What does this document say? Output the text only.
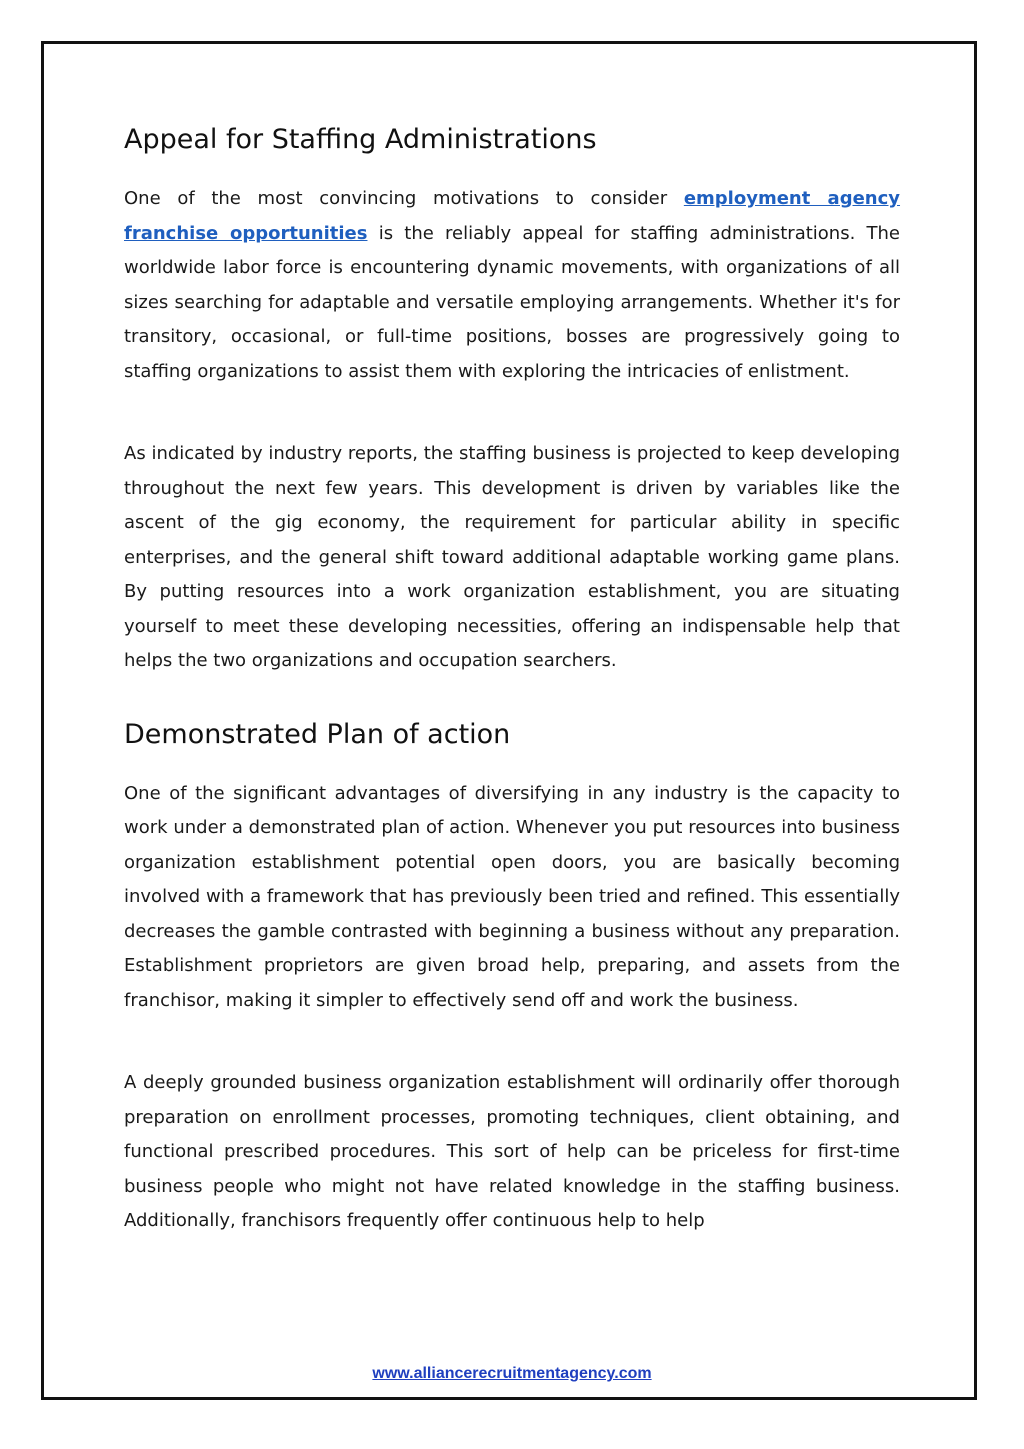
Appeal for Staffing Administrations

One of the most convincing motivations to consider employment agency franchise opportunities is the reliably appeal for staffing administrations. The worldwide labor force is encountering dynamic movements, with organizations of all sizes searching for adaptable and versatile employing arrangements. Whether it's for transitory, occasional, or full-time positions, bosses are progressively going to staffing organizations to assist them with exploring the intricacies of enlistment.

As indicated by industry reports, the staffing business is projected to keep developing throughout the next few years. This development is driven by variables like the ascent of the gig economy, the requirement for particular ability in specific enterprises, and the general shift toward additional adaptable working game plans. By putting resources into a work organization establishment, you are situating yourself to meet these developing necessities, offering an indispensable help that helps the two organizations and occupation searchers.

Demonstrated Plan of action

One of the significant advantages of diversifying in any industry is the capacity to work under a demonstrated plan of action. Whenever you put resources into business organization establishment potential open doors, you are basically becoming involved with a framework that has previously been tried and refined. This essentially decreases the gamble contrasted with beginning a business without any preparation. Establishment proprietors are given broad help, preparing, and assets from the franchisor, making it simpler to effectively send off and work the business.

A deeply grounded business organization establishment will ordinarily offer thorough preparation on enrollment processes, promoting techniques, client obtaining, and functional prescribed procedures. This sort of help can be priceless for first-time business people who might not have related knowledge in the staffing business. Additionally, franchisors frequently offer continuous help to help

www.alliancerecruitmentagency.com
